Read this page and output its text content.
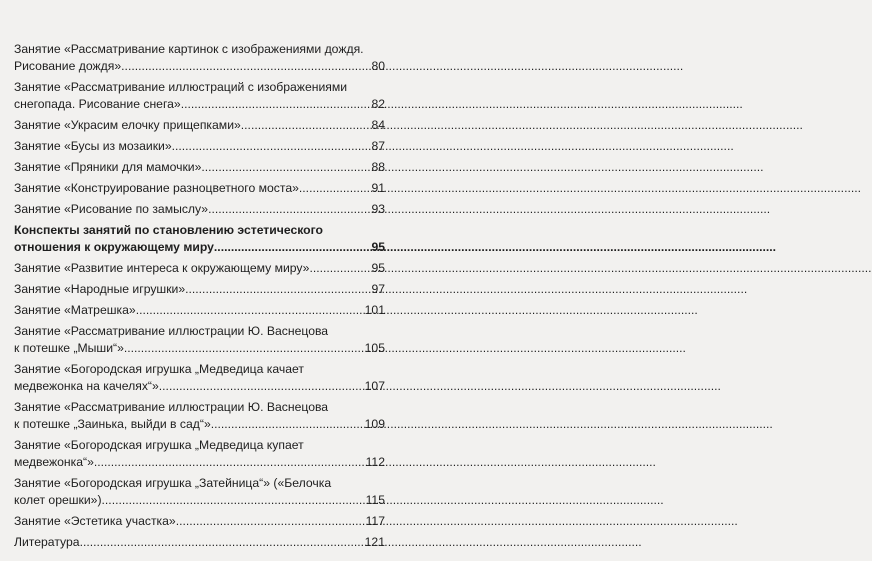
Занятие «Рассматривание картинок с изображениями дождя.
Рисование дождя» .....	80
Занятие «Рассматривание иллюстраций с изображениями
снегопада. Рисование снега» .....	82
Занятие «Украсим елочку прищепками» .....	84
Занятие «Бусы из мозаики» .....	87
Занятие «Пряники для мамочки» .....	88
Занятие «Конструирование разноцветного моста» .....	91
Занятие «Рисование по замыслу» .....	93
Конспекты занятий по становлению эстетического
отношения к окружающему миру .....	95
Занятие «Развитие интереса к окружающему миру» .....	95
Занятие «Народные игрушки» .....	97
Занятие «Матрешка» .....	101
Занятие «Рассматривание иллюстрации Ю. Васнецова
к потешке „Мыши“» .....	105
Занятие «Богородская игрушка „Медведица качает
медвежонка на качелях“» .....	107
Занятие «Рассматривание иллюстрации Ю. Васнецова
к потешке „Заинька, выйди в сад“» .....	109
Занятие «Богородская игрушка „Медведица купает
медвежонка“» .....	112
Занятие «Богородская игрушка „Затейница“» («Белочка
колет орешки») .....	115
Занятие «Эстетика участка» .....	117
Литература .....	121
